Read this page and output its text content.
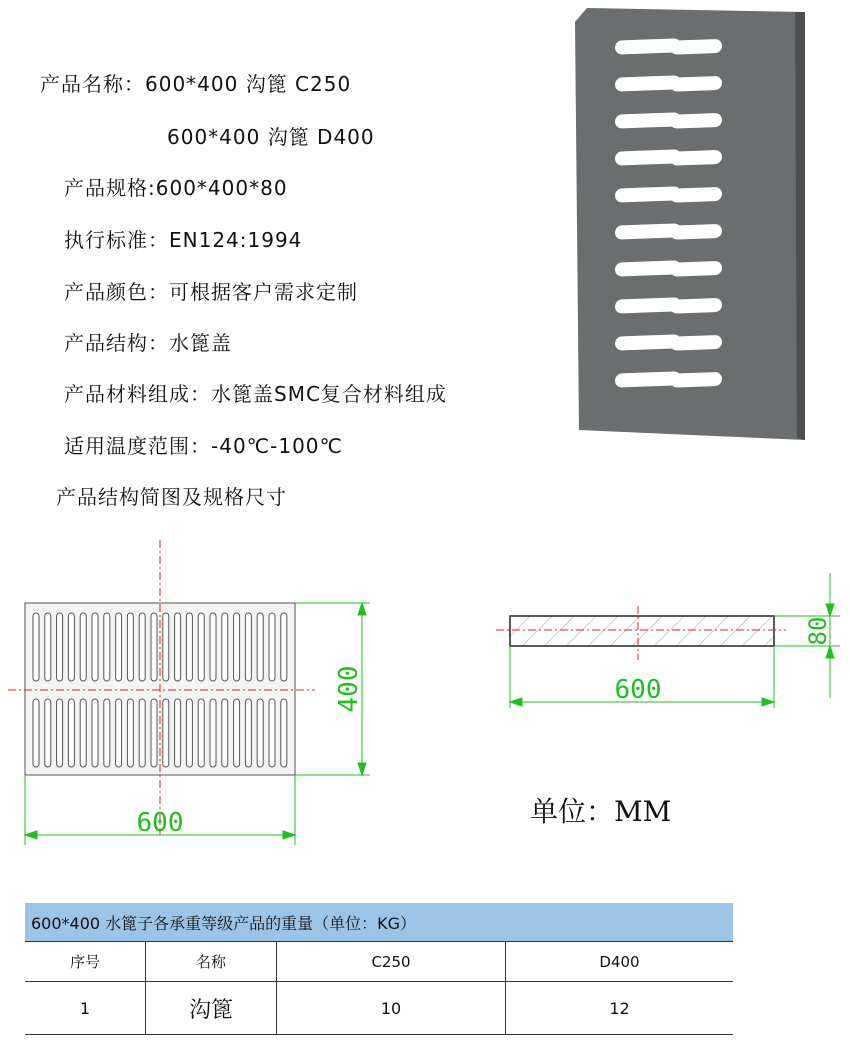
产品名称：600*400 沟篦 C250
600*400 沟篦 D400
产品规格:600*400*80
执行标准：EN124:1994
产品颜色：可根据客户需求定制
产品结构：水篦盖
产品材料组成：水篦盖SMC复合材料组成
适用温度范围：-40℃-100℃
产品结构简图及规格尺寸
600
400	600
80
单位：MM
600*400 水篦子各承重等级产品的重量（单位：KG）			
序号	名称	C250	D400
1	沟篦	10	12
